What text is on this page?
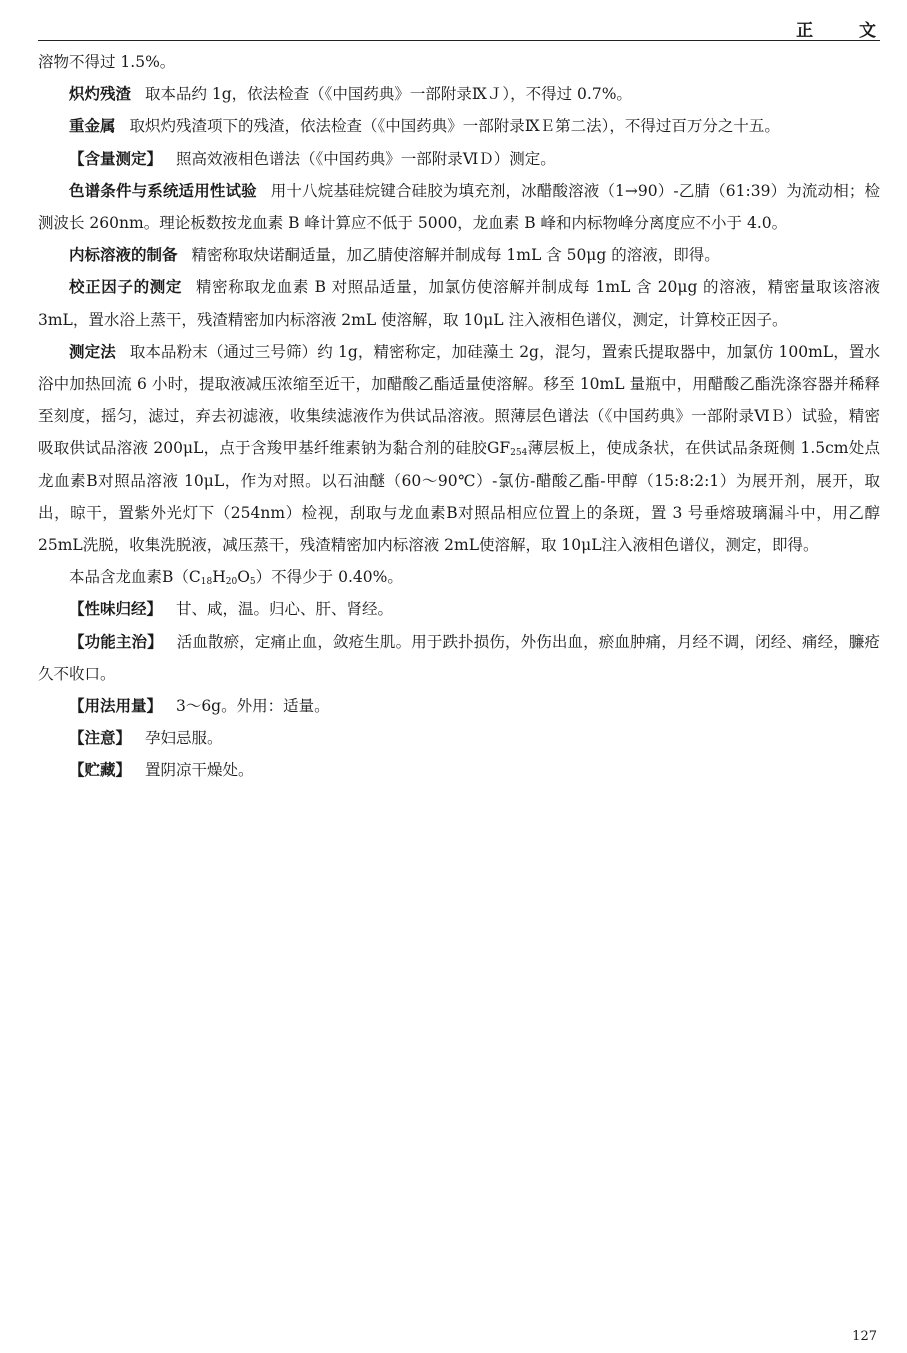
正 文

溶物不得过 1.5%。

炽灼残渣 取本品约 1g，依法检查（《中国药典》一部附录ⅨＪ），不得过 0.7%。

重金属 取炽灼残渣项下的残渣，依法检查（《中国药典》一部附录ⅨＥ第二法），不得过百万分之十五。

【含量测定】 照高效液相色谱法（《中国药典》一部附录ⅥＤ）测定。

色谱条件与系统适用性试验 用十八烷基硅烷键合硅胶为填充剂，冰醋酸溶液（1→90）-乙腈（61:39）为流动相；检测波长 260nm。理论板数按龙血素 B 峰计算应不低于 5000，龙血素 B 峰和内标物峰分离度应不小于 4.0。

内标溶液的制备 精密称取炔诺酮适量，加乙腈使溶解并制成每 1mL 含 50μg 的溶液，即得。

校正因子的测定 精密称取龙血素 B 对照品适量，加氯仿使溶解并制成每 1mL 含 20μg 的溶液，精密量取该溶液 3mL，置水浴上蒸干，残渣精密加内标溶液 2mL 使溶解，取 10μL 注入液相色谱仪，测定，计算校正因子。

测定法 取本品粉末（通过三号筛）约 1g，精密称定，加硅藻土 2g，混匀，置索氏提取器中，加氯仿 100mL，置水浴中加热回流 6 小时，提取液减压浓缩至近干，加醋酸乙酯适量使溶解。移至 10mL 量瓶中，用醋酸乙酯洗涤容器并稀释至刻度，摇匀，滤过，弃去初滤液，收集续滤液作为供试品溶液。照薄层色谱法（《中国药典》一部附录ⅥＢ）试验，精密吸取供试品溶液 200μL，点于含羧甲基纤维素钠为黏合剂的硅胶$GF_{254}$薄层板上，使成条状，在供试品条斑侧 1.5cm处点龙血素B对照品溶液 10μL，作为对照。以石油醚（60～90℃）-氯仿-醋酸乙酯-甲醇（15:8:2:1）为展开剂，展开，取出，晾干，置紫外光灯下（254nm）检视，刮取与龙血素B对照品相应位置上的条斑，置 3 号垂熔玻璃漏斗中，用乙醇 25mL洗脱，收集洗脱液，减压蒸干，残渣精密加内标溶液 2mL使溶解，取 10μL注入液相色谱仪，测定，即得。

本品含龙血素$B(C_{18}H_{20}O_5)$不得少于 0.40%。

【性味归经】 甘、咸，温。归心、肝、肾经。

【功能主治】 活血散瘀，定痛止血，敛疮生肌。用于跌扑损伤，外伤出血，瘀血肿痛，月经不调，闭经、痛经，臁疮久不收口。

【用法用量】 3～6g。外用：适量。

【注意】 孕妇忌服。

【贮藏】 置阴凉干燥处。

127
